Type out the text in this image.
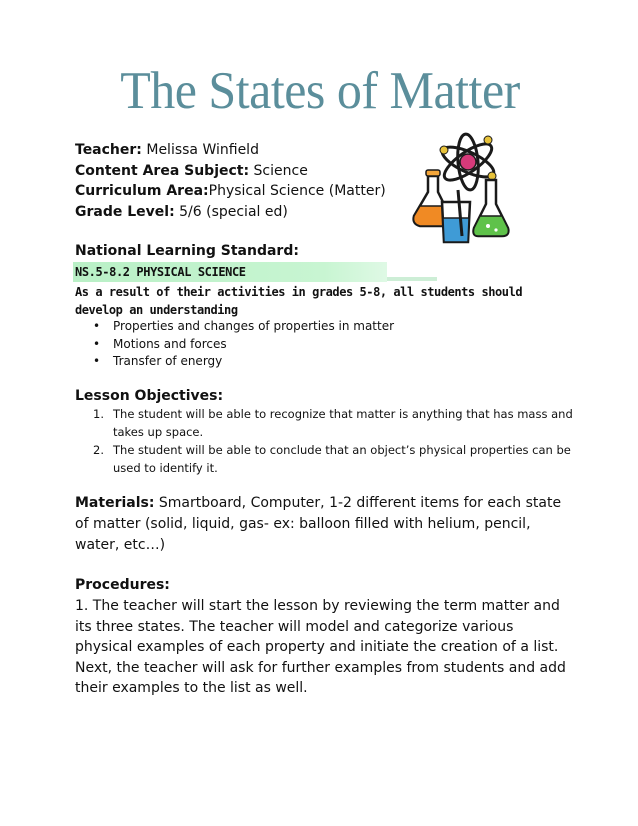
The States of Matter
Teacher: Melissa Winfield
Content Area Subject: Science
Curriculum Area:Physical Science (Matter)
Grade Level: 5/6 (special ed)
National Learning Standard:
NS.5-8.2 PHYSICAL SCIENCE
As a result of their activities in grades 5-8, all students should develop an understanding
• Properties and changes of properties in matter
• Motions and forces
• Transfer of energy
Lesson Objectives:
1. The student will be able to recognize that matter is anything that has mass and takes up space.
2. The student will be able to conclude that an object’s physical properties can be used to identify it.
Materials: Smartboard, Computer, 1-2 different items for each state of matter (solid, liquid, gas- ex: balloon filled with helium, pencil, water, etc…)
Procedures:
1. The teacher will start the lesson by reviewing the term matter and its three states. The teacher will model and categorize various physical examples of each property and initiate the creation of a list. Next, the teacher will ask for further examples from students and add their examples to the list as well.
